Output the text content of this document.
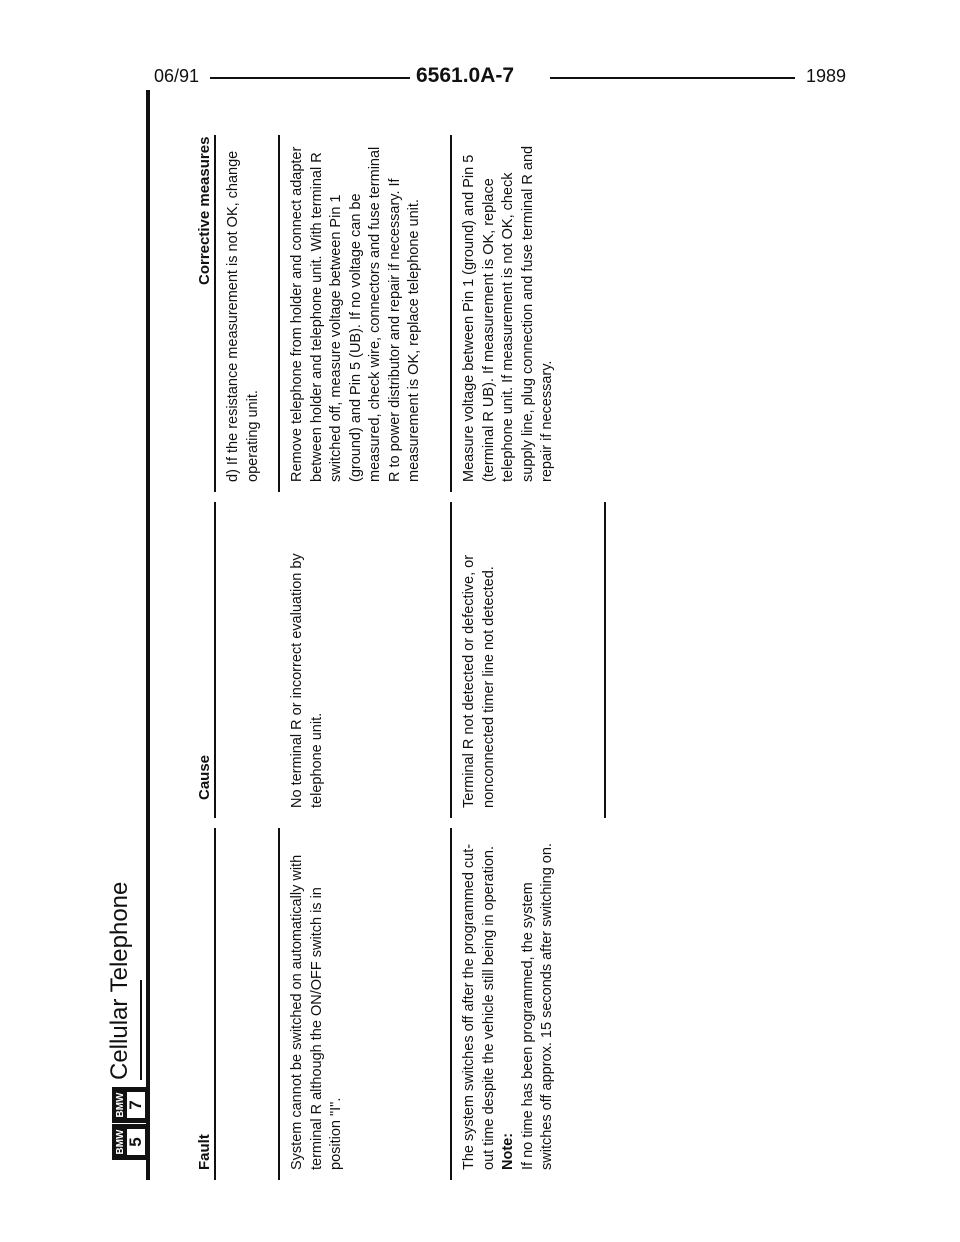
06/91	6561.0A-7	1989
BMW 5
BMW 7
Cellular Telephone
Fault
Cause
Corrective measures d) If the resistance measurement is not OK, change operating unit.
System cannot be switched on automatically with terminal R although the ON/OFF switch is in position "I".
No terminal R or incorrect evaluation by telephone unit.
Remove telephone from holder and connect adapter between holder and telephone unit. With terminal R switched off, measure voltage between Pin 1 (ground) and Pin 5 (UB). If no voltage can be measured, check wire, connectors and fuse terminal R to power distributor and repair if necessary. If measurement is OK, replace telephone unit.

The system switches off after the programmed cut-out time despite the vehicle still being in operation. Note: If no time has been programmed, the system switches off approx. 15 seconds after switching on.

Terminal R not detected or defective, or nonconnected timer line not detected.
Measure voltage between Pin 1 (ground) and Pin 5 (terminal R UB). If measurement is OK, replace telephone unit. If measurement is not OK, check supply line, plug connection and fuse terminal R and repair if necessary.
